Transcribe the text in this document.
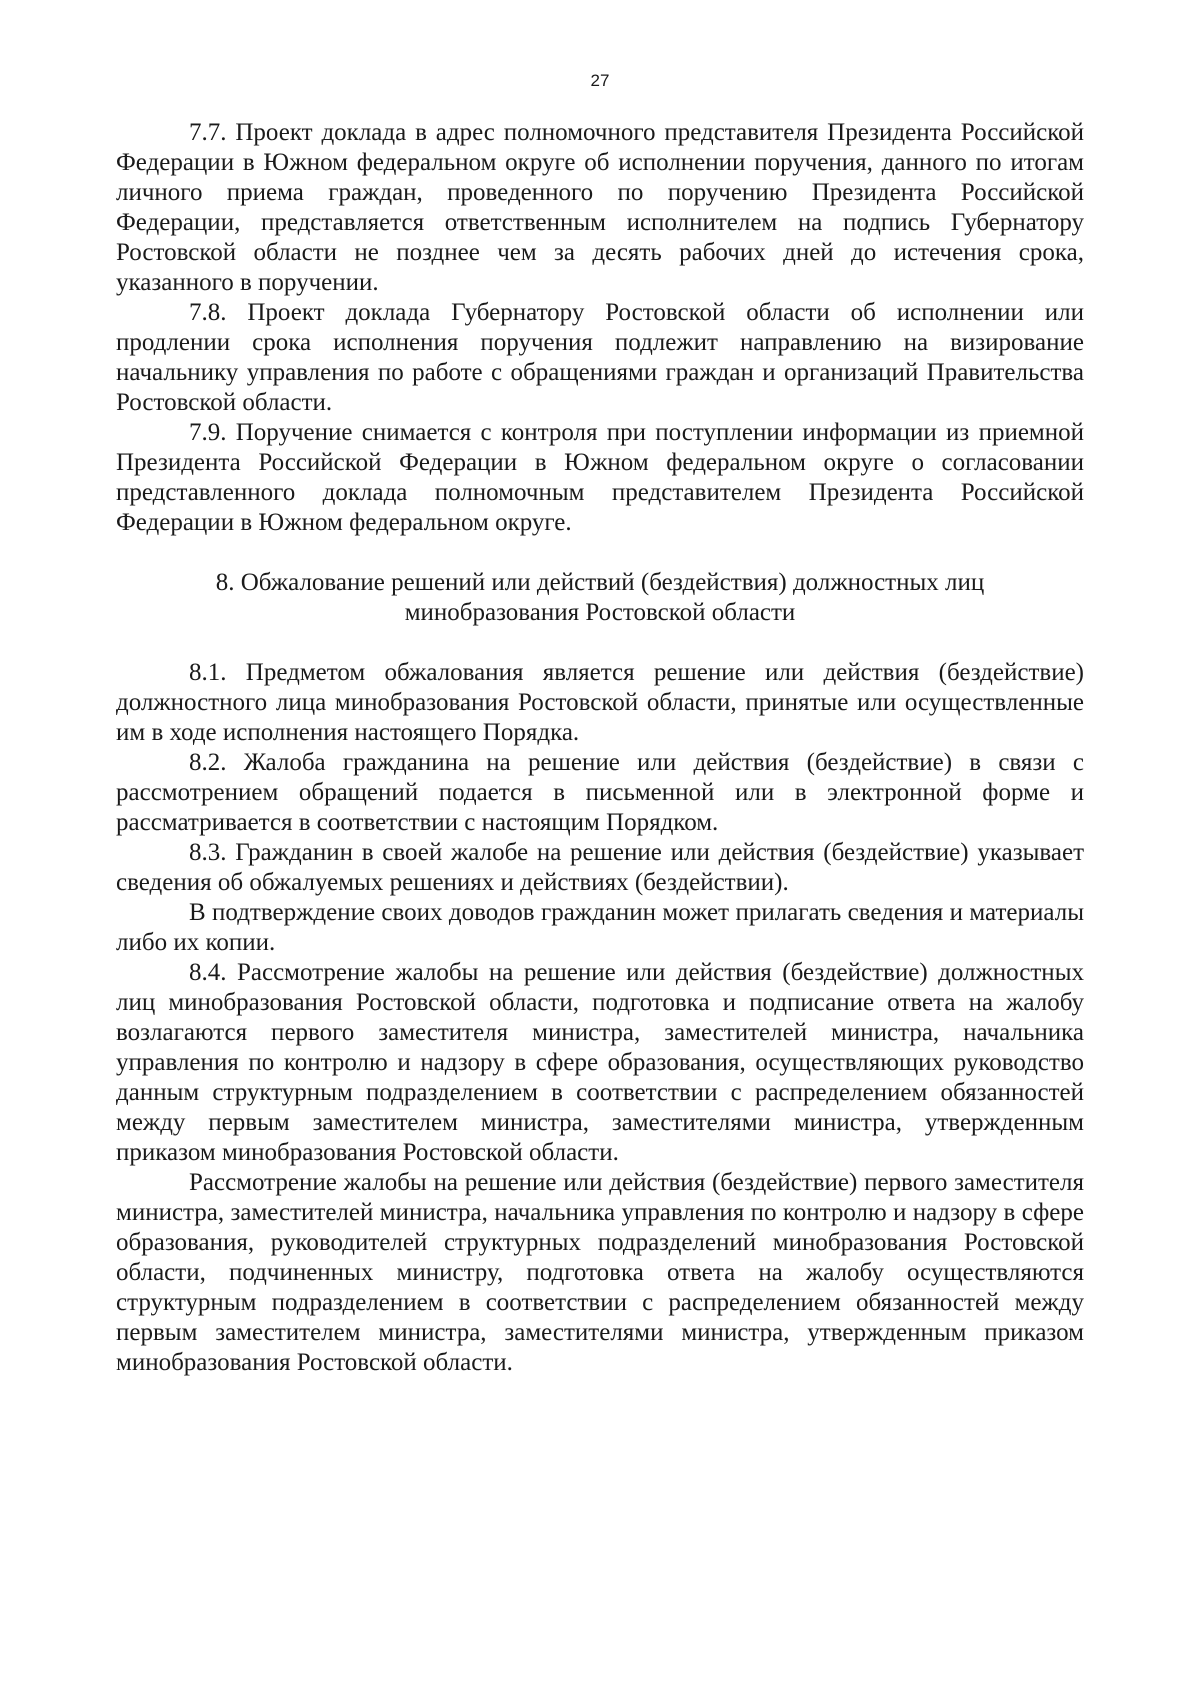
27

7.7. Проект доклада в адрес полномочного представителя Президента Российской Федерации в Южном федеральном округе об исполнении поручения, данного по итогам личного приема граждан, проведенного по поручению Президента Российской Федерации, представляется ответственным исполнителем на подпись Губернатору Ростовской области не позднее чем за десять рабочих дней до истечения срока, указанного в поручении.

7.8. Проект доклада Губернатору Ростовской области об исполнении или продлении срока исполнения поручения подлежит направлению на визирование начальнику управления по работе с обращениями граждан и организаций Правительства Ростовской области.

7.9. Поручение снимается с контроля при поступлении информации из приемной Президента Российской Федерации в Южном федеральном округе о согласовании представленного доклада полномочным представителем Президента Российской Федерации в Южном федеральном округе.

8. Обжалование решений или действий (бездействия) должностных лиц
минобразования Ростовской области

8.1. Предметом обжалования является решение или действия (бездействие) должностного лица минобразования Ростовской области, принятые или осуществленные им в ходе исполнения настоящего Порядка.

8.2. Жалоба гражданина на решение или действия (бездействие) в связи с рассмотрением обращений подается в письменной или в электронной форме и рассматривается в соответствии с настоящим Порядком.

8.3. Гражданин в своей жалобе на решение или действия (бездействие) указывает сведения об обжалуемых решениях и действиях (бездействии).

В подтверждение своих доводов гражданин может прилагать сведения и материалы либо их копии.

8.4. Рассмотрение жалобы на решение или действия (бездействие) должностных лиц минобразования Ростовской области, подготовка и подписание ответа на жалобу возлагаются первого заместителя министра, заместителей министра, начальника управления по контролю и надзору в сфере образования, осуществляющих руководство данным структурным подразделением в соответствии с распределением обязанностей между первым заместителем министра, заместителями министра, утвержденным приказом минобразования Ростовской области.

Рассмотрение жалобы на решение или действия (бездействие) первого заместителя министра, заместителей министра, начальника управления по контролю и надзору в сфере образования, руководителей структурных подразделений минобразования Ростовской области, подчиненных министру, подготовка ответа на жалобу осуществляются структурным подразделением в соответствии с распределением обязанностей между первым заместителем министра, заместителями министра, утвержденным приказом минобразования Ростовской области.
